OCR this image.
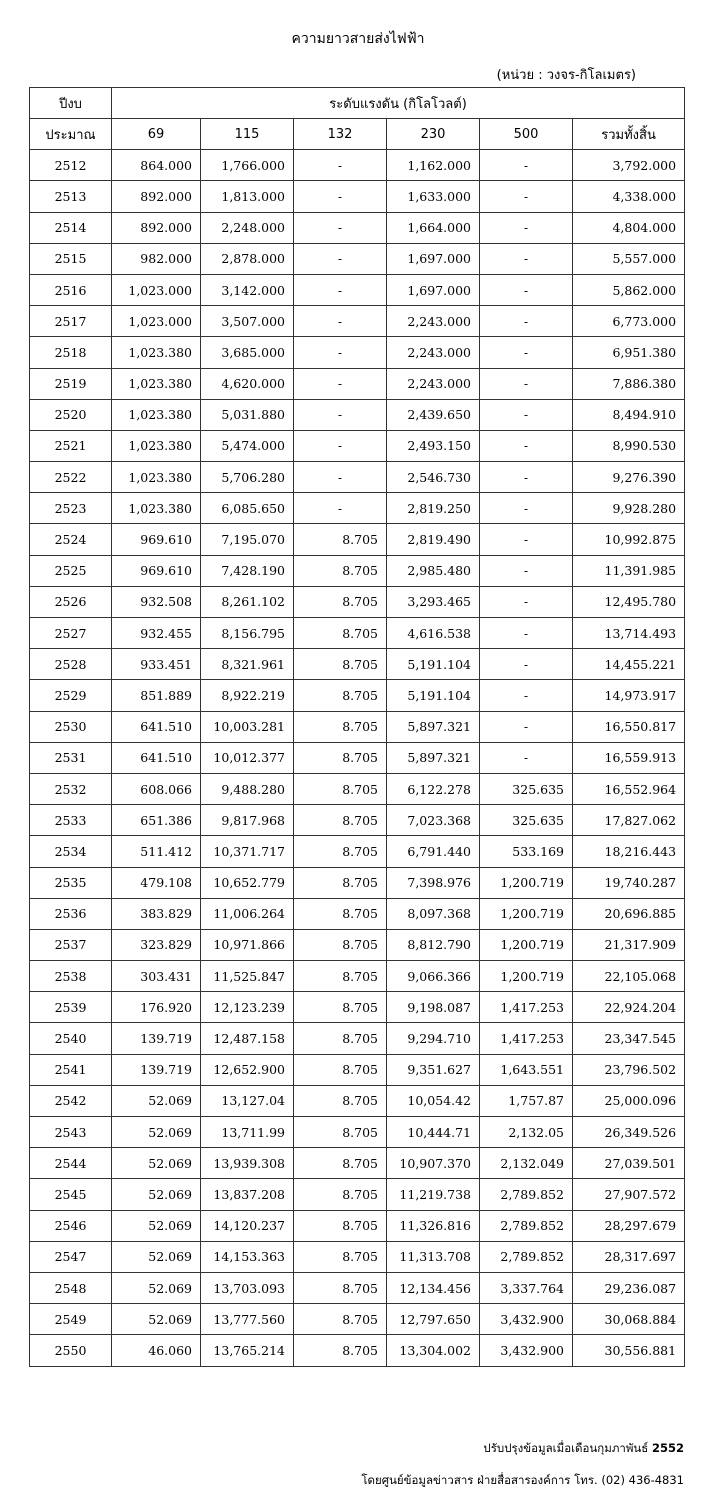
ความยาวสายส่งไฟฟ้า
(หน่วย : วงจร-กิโลเมตร)
ปีงบ	ระดับแรงดัน (กิโลโวลต์)					
ประมาณ	69	115	132	230	500	รวมทั้งสิ้น
2512	864.000	1,766.000	-	1,162.000	-	3,792.000
2513	892.000	1,813.000	-	1,633.000	-	4,338.000
2514	892.000	2,248.000	-	1,664.000	-	4,804.000
2515	982.000	2,878.000	-	1,697.000	-	5,557.000
2516	1,023.000	3,142.000	-	1,697.000	-	5,862.000
2517	1,023.000	3,507.000	-	2,243.000	-	6,773.000
2518	1,023.380	3,685.000	-	2,243.000	-	6,951.380
2519	1,023.380	4,620.000	-	2,243.000	-	7,886.380
2520	1,023.380	5,031.880	-	2,439.650	-	8,494.910
2521	1,023.380	5,474.000	-	2,493.150	-	8,990.530
2522	1,023.380	5,706.280	-	2,546.730	-	9,276.390
2523	1,023.380	6,085.650	-	2,819.250	-	9,928.280
2524	969.610	7,195.070	8.705	2,819.490	-	10,992.875
2525	969.610	7,428.190	8.705	2,985.480	-	11,391.985
2526	932.508	8,261.102	8.705	3,293.465	-	12,495.780
2527	932.455	8,156.795	8.705	4,616.538	-	13,714.493
2528	933.451	8,321.961	8.705	5,191.104	-	14,455.221
2529	851.889	8,922.219	8.705	5,191.104	-	14,973.917
2530	641.510	10,003.281	8.705	5,897.321	-	16,550.817
2531	641.510	10,012.377	8.705	5,897.321	-	16,559.913
2532	608.066	9,488.280	8.705	6,122.278	325.635	16,552.964
2533	651.386	9,817.968	8.705	7,023.368	325.635	17,827.062
2534	511.412	10,371.717	8.705	6,791.440	533.169	18,216.443
2535	479.108	10,652.779	8.705	7,398.976	1,200.719	19,740.287
2536	383.829	11,006.264	8.705	8,097.368	1,200.719	20,696.885
2537	323.829	10,971.866	8.705	8,812.790	1,200.719	21,317.909
2538	303.431	11,525.847	8.705	9,066.366	1,200.719	22,105.068
2539	176.920	12,123.239	8.705	9,198.087	1,417.253	22,924.204
2540	139.719	12,487.158	8.705	9,294.710	1,417.253	23,347.545
2541	139.719	12,652.900	8.705	9,351.627	1,643.551	23,796.502
2542	52.069	13,127.04	8.705	10,054.42	1,757.87	25,000.096
2543	52.069	13,711.99	8.705	10,444.71	2,132.05	26,349.526
2544	52.069	13,939.308	8.705	10,907.370	2,132.049	27,039.501
2545	52.069	13,837.208	8.705	11,219.738	2,789.852	27,907.572
2546	52.069	14,120.237	8.705	11,326.816	2,789.852	28,297.679
2547	52.069	14,153.363	8.705	11,313.708	2,789.852	28,317.697
2548	52.069	13,703.093	8.705	12,134.456	3,337.764	29,236.087
2549	52.069	13,777.560	8.705	12,797.650	3,432.900	30,068.884
2550	46.060	13,765.214	8.705	13,304.002	3,432.900	30,556.881
ปรับปรุงข้อมูลเมื่อเดือนกุมภาพันธ์ 2552
โดยศูนย์ข้อมูลข่าวสาร ฝ่ายสื่อสารองค์การ โทร. (02) 436-4831
